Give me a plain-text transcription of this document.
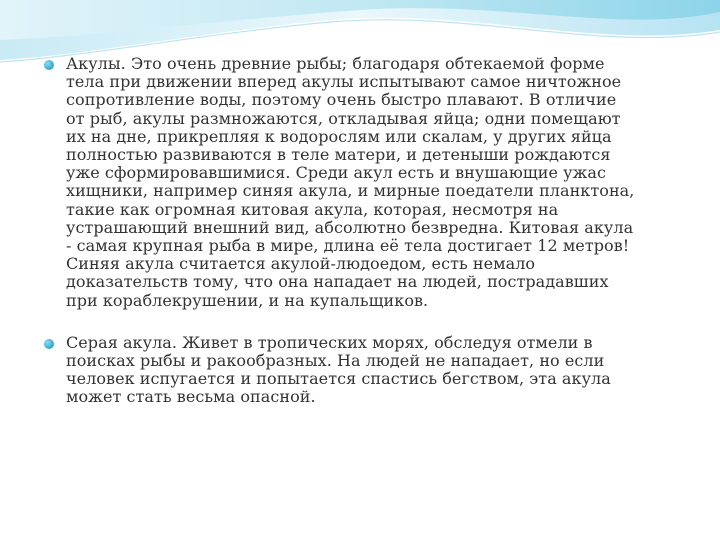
Акулы. Это очень древние рыбы; благодаря обтекаемой форме
тела при движении вперед акулы испытывают самое ничтожное
сопротивление воды, поэтому очень быстро плавают. В отличие
от рыб, акулы размножаются, откладывая яйца; одни помещают
их на дне, прикрепляя к водорослям или скалам, у других яйца
полностью развиваются в теле матери, и детеныши рождаются
уже сформировавшимися. Среди акул есть и внушающие ужас
хищники, например синяя акула, и мирные поедатели планктона,
такие как огромная китовая акула, которая, несмотря на
устрашающий внешний вид, абсолютно безвредна. Китовая акула
- самая крупная рыба в мире, длина её тела достигает 12 метров!
Синяя акула считается акулой-людоедом, есть немало
доказательств тому, что она нападает на людей, пострадавших
при кораблекрушении, и на купальщиков.
Серая акула. Живет в тропических морях, обследуя отмели в
поисках рыбы и ракообразных. На людей не нападает, но если
человек испугается и попытается спастись бегством, эта акула
может стать весьма опасной.
